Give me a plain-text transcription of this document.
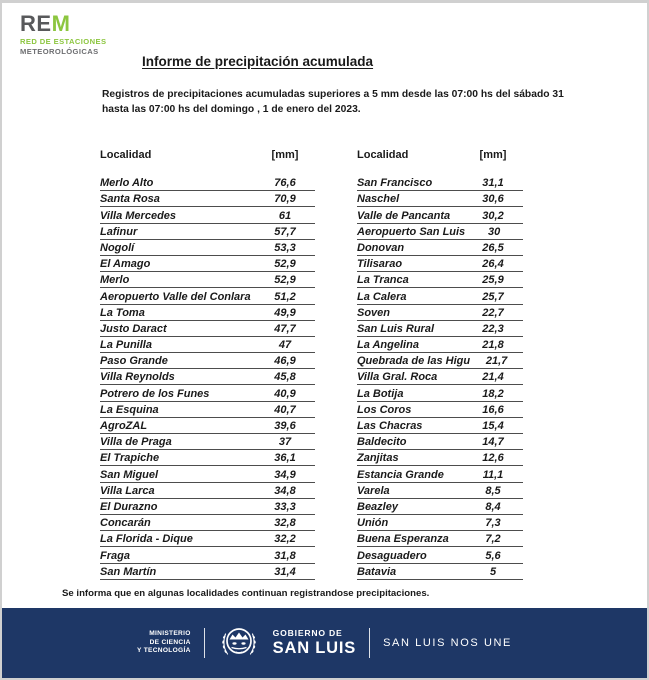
REM
RED DE ESTACIONES
METEOROLÓGICAS
Informe de precipitación acumulada
Registros de precipitaciones acumuladas superiores a 5 mm desde las 07:00 hs del sábado 31
hasta las 07:00 hs del domingo , 1 de enero del 2023.
Localidad	[mm]
Merlo Alto	76,6
Santa Rosa	70,9
Villa Mercedes	61
Lafinur	57,7
Nogolí	53,3
El Amago	52,9
Merlo	52,9
Aeropuerto Valle del Conlara	51,2
La Toma	49,9
Justo Daract	47,7
La Punilla	47
Paso Grande	46,9
Villa Reynolds	45,8
Potrero de los Funes	40,9
La Esquina	40,7
AgroZAL	39,6
Villa de Praga	37
El Trapiche	36,1
San Miguel	34,9
Villa Larca	34,8
El Durazno	33,3
Concarán	32,8
La Florida - Dique	32,2
Fraga	31,8
San Martín	31,4
Localidad	[mm]
San Francisco	31,1
Naschel	30,6
Valle de Pancanta	30,2
Aeropuerto San Luis	30
Donovan	26,5
Tilisarao	26,4
La Tranca	25,9
La Calera	25,7
Soven	22,7
San Luis Rural	22,3
La Angelina	21,8
Quebrada de las Higu	21,7
Villa Gral. Roca	21,4
La Botija	18,2
Los Coros	16,6
Las Chacras	15,4
Baldecito	14,7
Zanjitas	12,6
Estancia Grande	11,1
Varela	8,5
Beazley	8,4
Unión	7,3
Buena Esperanza	7,2
Desaguadero	5,6
Batavia	5
Se informa que en algunas localidades continuan registrandose precipitaciones.
MINISTERIO
DE CIENCIA
Y TECNOLOGÍA
GOBIERNO DE
SAN LUIS SAN LUIS NOS UNE
